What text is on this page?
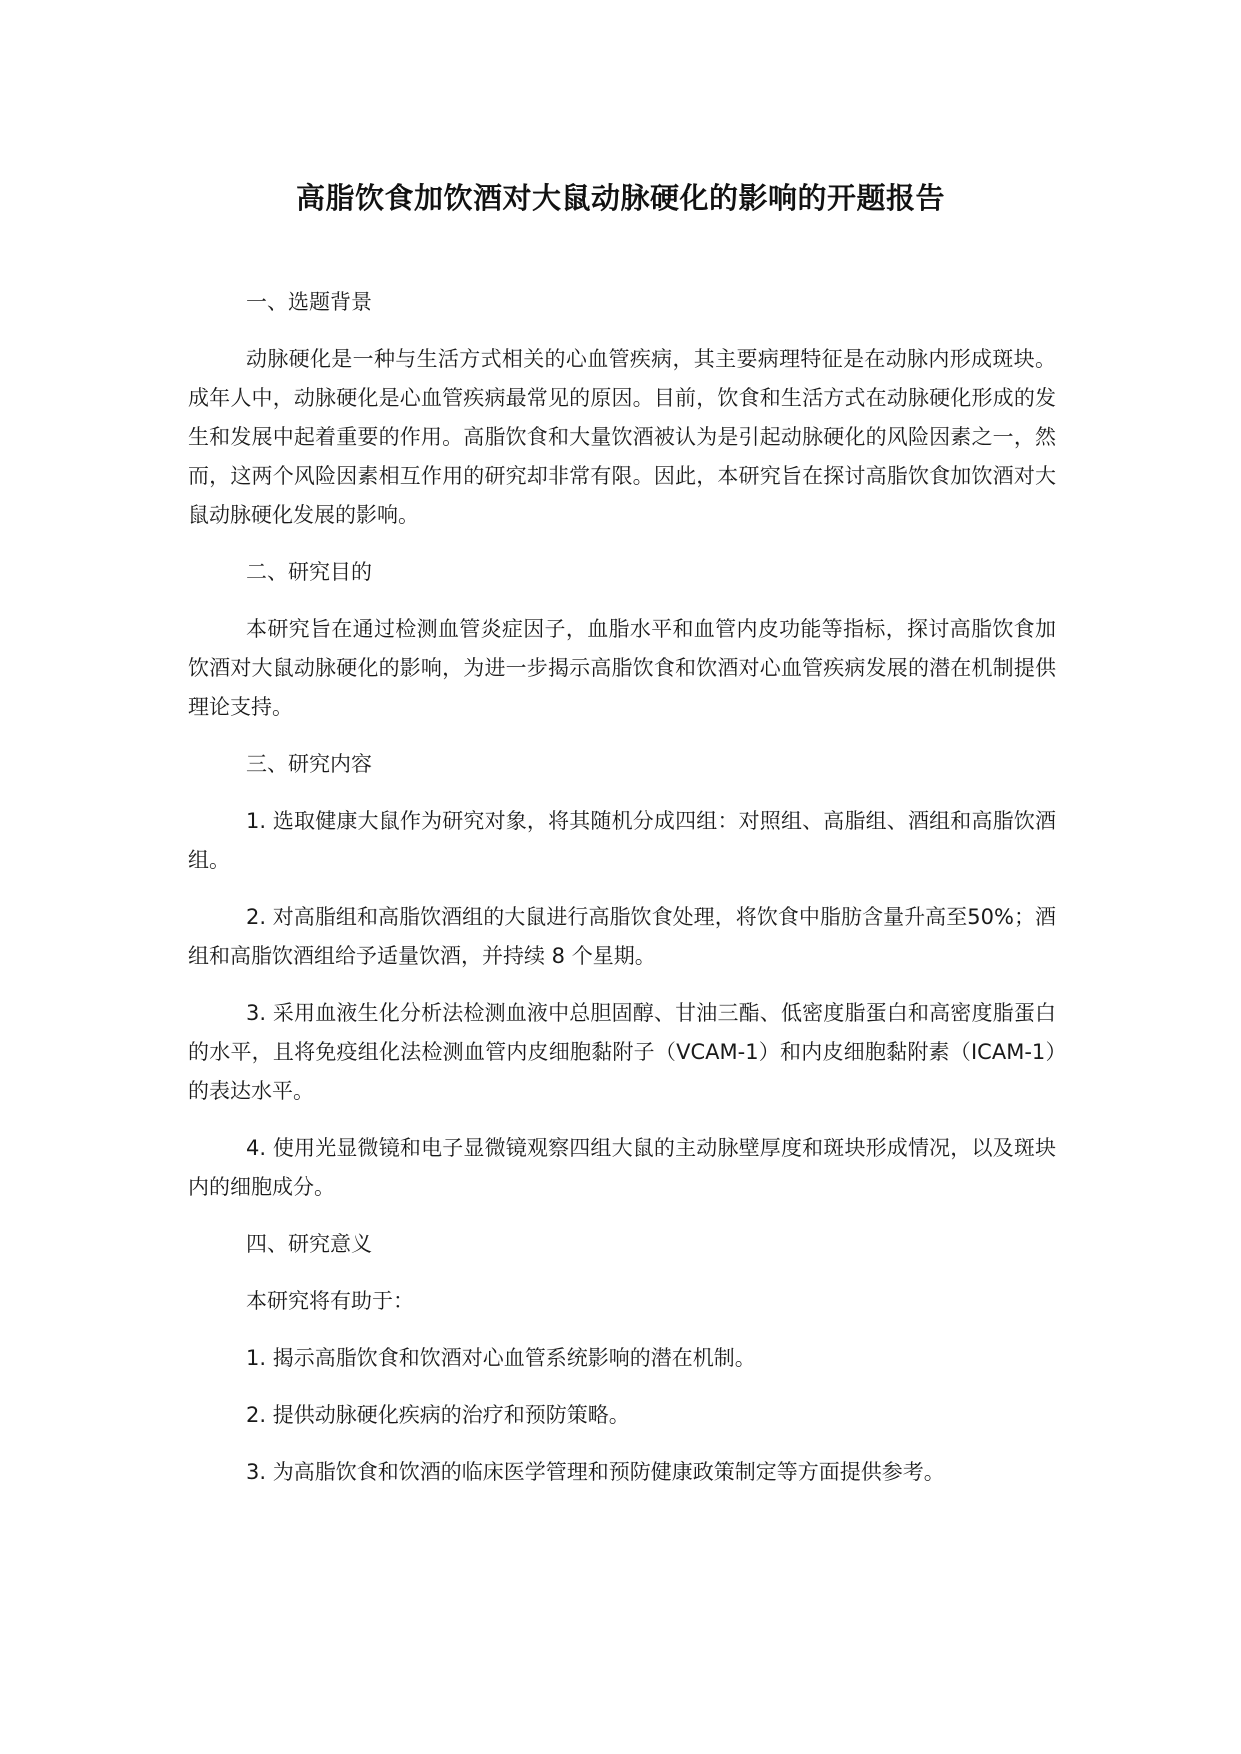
高脂饮食加饮酒对大鼠动脉硬化的影响的开题报告

一、选题背景

动脉硬化是一种与生活方式相关的心血管疾病，其主要病理特征是在动脉内形成斑块。成年人中，动脉硬化是心血管疾病最常见的原因。目前，饮食和生活方式在动脉硬化形成的发生和发展中起着重要的作用。高脂饮食和大量饮酒被认为是引起动脉硬化的风险因素之一，然而，这两个风险因素相互作用的研究却非常有限。因此，本研究旨在探讨高脂饮食加饮酒对大鼠动脉硬化发展的影响。

二、研究目的

本研究旨在通过检测血管炎症因子，血脂水平和血管内皮功能等指标，探讨高脂饮食加饮酒对大鼠动脉硬化的影响，为进一步揭示高脂饮食和饮酒对心血管疾病发展的潜在机制提供理论支持。

三、研究内容

1. 选取健康大鼠作为研究对象，将其随机分成四组：对照组、高脂组、酒组和高脂饮酒组。

2. 对高脂组和高脂饮酒组的大鼠进行高脂饮食处理，将饮食中脂肪含量升高至50%；酒组和高脂饮酒组给予适量饮酒，并持续 8 个星期。

3. 采用血液生化分析法检测血液中总胆固醇、甘油三酯、低密度脂蛋白和高密度脂蛋白的水平，且将免疫组化法检测血管内皮细胞黏附子（VCAM-1）和内皮细胞黏附素（ICAM-1）的表达水平。

4. 使用光显微镜和电子显微镜观察四组大鼠的主动脉壁厚度和斑块形成情况，以及斑块内的细胞成分。

四、研究意义

本研究将有助于：

1. 揭示高脂饮食和饮酒对心血管系统影响的潜在机制。

2. 提供动脉硬化疾病的治疗和预防策略。

3. 为高脂饮食和饮酒的临床医学管理和预防健康政策制定等方面提供参考。
